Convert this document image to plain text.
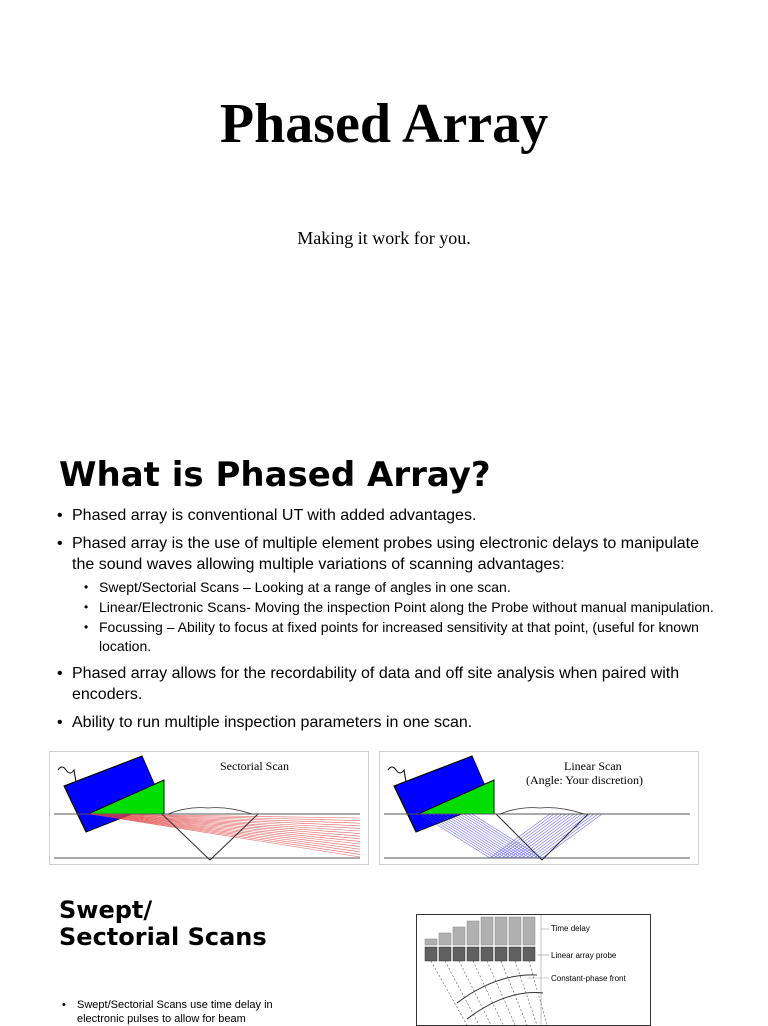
Phased Array
Making it work for you.
What is Phased Array?
• Phased array is conventional UT with added advantages.
• Phased array is the use of multiple element probes using electronic delays to manipulate the sound waves allowing multiple variations of scanning advantages:
• Swept/Sectorial Scans – Looking at a range of angles in one scan.
• Linear/Electronic Scans- Moving the inspection Point along the Probe without manual manipulation.
• Focussing – Ability to focus at fixed points for increased sensitivity at that point, (useful for known location.
• Phased array allows for the recordability of data and off site analysis when paired with encoders.
• Ability to run multiple inspection parameters in one scan.
Sectorial Scan	Linear Scan
(Angle: Your discretion)
Swept/
Sectorial Scans
• Swept/Sectorial Scans use time delay in electronic pulses to allow for beam
Time delay
Linear array probe
Constant-phase front
